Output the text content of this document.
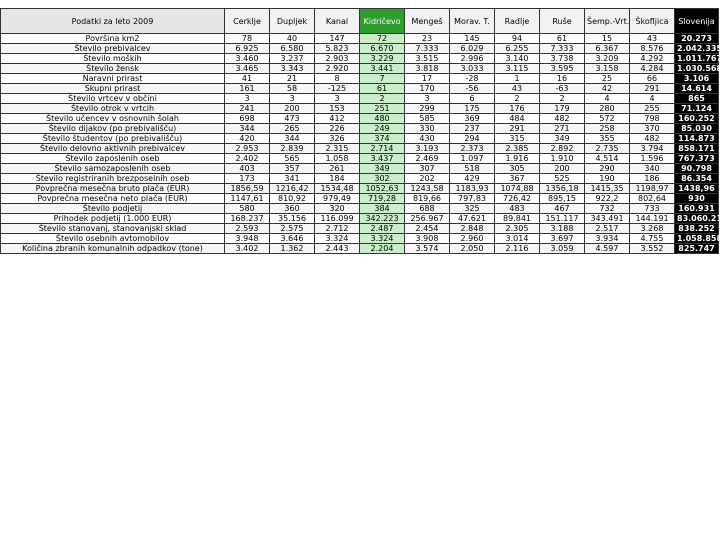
Podatki za leto 2009	Cerklje	Dupljek	Kanal	Kidričevo	Mengeš	Morav. T.	Radlje	Ruše	Šemp.-Vrt.	Škofljica	Slovenija
Površina km2	78	40	147	72	23	145	94	61	15	43	20.273
Število prebivalcev	6.925	6.580	5.823	6.670	7.333	6.029	6.255	7.333	6.367	8.576	2.042.335
Število moških	3.460	3.237	2.903	3.229	3.515	2.996	3.140	3.738	3.209	4.292	1.011.767
Število žensk	3.465	3.343	2.920	3.441	3.818	3.033	3.115	3.595	3.158	4.284	1.030.568
Naravni prirast	41	21	8	7	17	-28	1	16	25	66	3.106
Skupni prirast	161	58	-125	61	170	-56	43	-63	42	291	14.614
Število vrtcev v občini	3	3	3	2	3	6	2	2	4	4	865
Število otrok v vrtcih	241	200	153	251	299	175	176	179	280	255	71.124
Število učencev v osnovnih šolah	698	473	412	480	585	369	484	482	572	798	160.252
Število dijakov (po prebivališču)	344	265	226	249	330	237	291	271	258	370	85.030
Število študentov (po prebivališču)	420	344	326	374	430	294	315	349	355	482	114.873
Število delovno aktivnih prebivalcev	2.953	2.839	2.315	2.714	3.193	2.373	2.385	2.892	2.735	3.794	858.171
Število zaposlenih oseb	2.402	565	1.058	3.437	2.469	1.097	1.916	1.910	4.514	1.596	767.373
Število samozaposlenih oseb	403	357	261	349	307	518	305	200	290	340	90.798
Število registriranih brezposelnih oseb	173	341	184	302	202	429	367	525	190	186	86.354
Povprečna mesečna bruto plača (EUR)	1856,59	1216,42	1534,48	1052,63	1243,58	1183,93	1074,88	1356,18	1415,35	1198,97	1438,96
Povprečna mesečna neto plača (EUR)	1147,61	810,92	979,49	719,28	819,66	797,83	726,42	895,15	922,2	802,64	930
Število podjetij	580	360	320	384	688	325	483	467	732	733	160.931
Prihodek podjetij (1.000 EUR)	168.237	35.156	116.099	342.223	256.967	47.621	89.841	151.117	343.491	144.191	83.060.213
Število stanovanj, stanovanjski sklad	2.593	2.575	2.712	2.487	2.454	2.848	2.305	3.188	2.517	3.268	838.252
Število osebnih avtomobilov	3.948	3.646	3.324	3.324	3.908	2.960	3.014	3.697	3.934	4.755	1.058.858
Količina zbranih komunalnih odpadkov (tone)	3.402	1.362	2.443	2.204	3.574	2.050	2.116	3.059	4.597	3.552	825.747
